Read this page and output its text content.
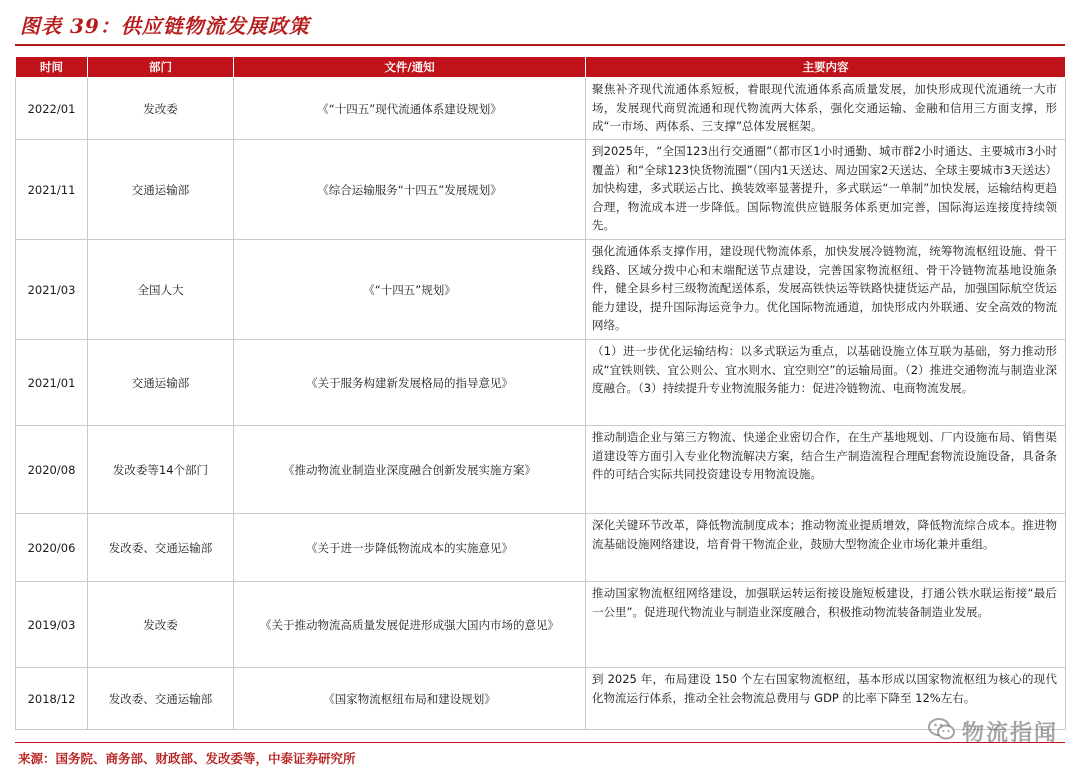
图表 39：供应链物流发展政策
时间	部门	文件/通知	主要内容
2022/01	发改委	《“十四五”现代流通体系建设规划》	聚焦补齐现代流通体系短板，着眼现代流通体系高质量发展，加快形成现代流通统一大市场，发展现代商贸流通和现代物流两大体系，强化交通运输、金融和信用三方面支撑，形成“一市场、两体系、三支撑”总体发展框架。
2021/11	交通运输部	《综合运输服务“十四五”发展规划》	到2025年，“全国123出行交通圈”（都市区1小时通勤、城市群2小时通达、主要城市3小时覆盖）和“全球123快货物流圈”（国内1天送达、周边国家2天送达、全球主要城市3天送达）加快构建，多式联运占比、换装效率显著提升，多式联运“一单制”加快发展，运输结构更趋合理，物流成本进一步降低。国际物流供应链服务体系更加完善，国际海运连接度持续领先。
2021/03	全国人大	《“十四五”规划》	强化流通体系支撑作用，建设现代物流体系，加快发展冷链物流，统筹物流枢纽设施、骨干线路、区域分拨中心和末端配送节点建设，完善国家物流枢纽、骨干冷链物流基地设施条件，健全县乡村三级物流配送体系，发展高铁快运等铁路快捷货运产品，加强国际航空货运能力建设，提升国际海运竞争力。优化国际物流通道，加快形成内外联通、安全高效的物流网络。
2021/01	交通运输部	《关于服务构建新发展格局的指导意见》	（1）进一步优化运输结构：以多式联运为重点，以基础设施立体互联为基础，努力推动形成“宜铁则铁、宜公则公、宜水则水、宜空则空”的运输局面。（2）推进交通物流与制造业深度融合。（3）持续提升专业物流服务能力：促进冷链物流、电商物流发展。
2020/08	发改委等14个部门	《推动物流业制造业深度融合创新发展实施方案》	推动制造企业与第三方物流、快递企业密切合作，在生产基地规划、厂内设施布局、销售渠道建设等方面引入专业化物流解决方案，结合生产制造流程合理配套物流设施设备，具备条件的可结合实际共同投资建设专用物流设施。
2020/06	发改委、交通运输部	《关于进一步降低物流成本的实施意见》	深化关键环节改革，降低物流制度成本；推动物流业提质增效，降低物流综合成本。推进物流基础设施网络建设，培育骨干物流企业，鼓励大型物流企业市场化兼并重组。
2019/03	发改委	《关于推动物流高质量发展促进形成强大国内市场的意见》	推动国家物流枢纽网络建设，加强联运转运衔接设施短板建设，打通公铁水联运衔接“最后一公里”。促进现代物流业与制造业深度融合，积极推动物流装备制造业发展。
2018/12	发改委、交通运输部	《国家物流枢纽布局和建设规划》	到 2025 年，布局建设 150 个左右国家物流枢纽，基本形成以国家物流枢纽为核心的现代化物流运行体系，推动全社会物流总费用与 GDP 的比率下降至 12%左右。
来源：国务院、商务部、财政部、发改委等，中泰证券研究所
物流指闻
